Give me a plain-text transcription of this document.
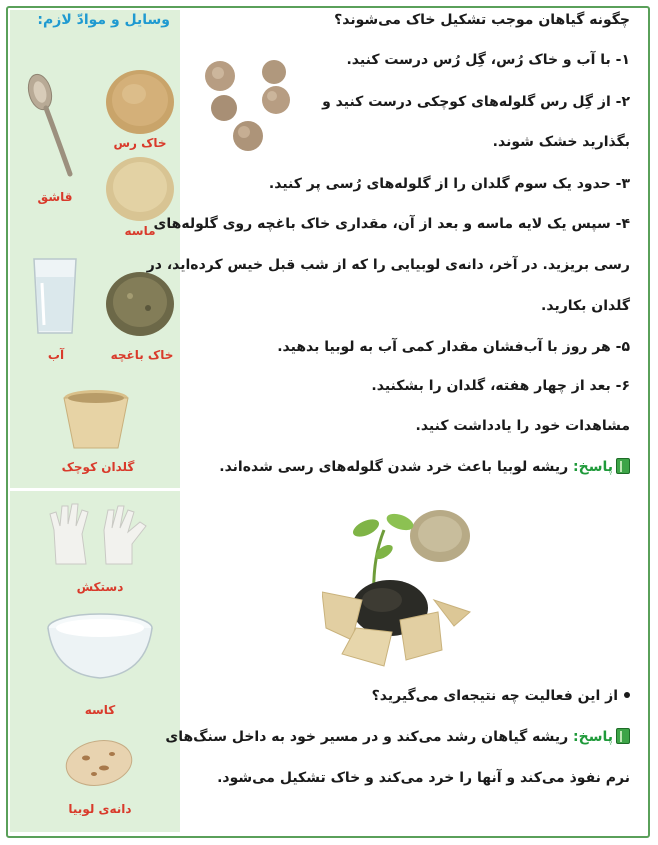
وسایل و موادّ لازم:
خاک رس
قاشق
ماسه
خاک باغچه
آب
گلدان کوچک
دستکش
کاسه
دانه‌ی لوبیا
چگونه گیاهان موجب تشکیل خاک می‌شوند؟
۱- با آب و خاک رُس، گِل رُس درست کنید.
۲- از گِل رس گلوله‌های کوچکی درست کنید و
بگذارید خشک شوند.
۳- حدود یک سوم گلدان را از گلوله‌های رُسی پر کنید.
۴- سپس یک لایه ماسه و بعد از آن، مقداری خاک باغچه روی گلوله‌های
رسی بریزید. در آخر، دانه‌ی لوبیایی را که از شب قبل خیس کرده‌اید، در
گلدان بکارید.
۵- هر روز با آب‌فشان مقدار کمی آب به لوبیا بدهید.
۶- بعد از چهار هفته، گلدان را بشکنید.
مشاهدات خود را یادداشت کنید.
پاسخ: ریشه لوبیا باعث خرد شدن گلوله‌های رسی شده‌اند.
از این فعالیت چه نتیجه‌ای می‌گیرید؟
پاسخ: ریشه گیاهان رشد می‌کند و در مسیر خود به داخل سنگ‌های
نرم نفوذ می‌کند و آنها را خرد می‌کند و خاک تشکیل می‌شود.
